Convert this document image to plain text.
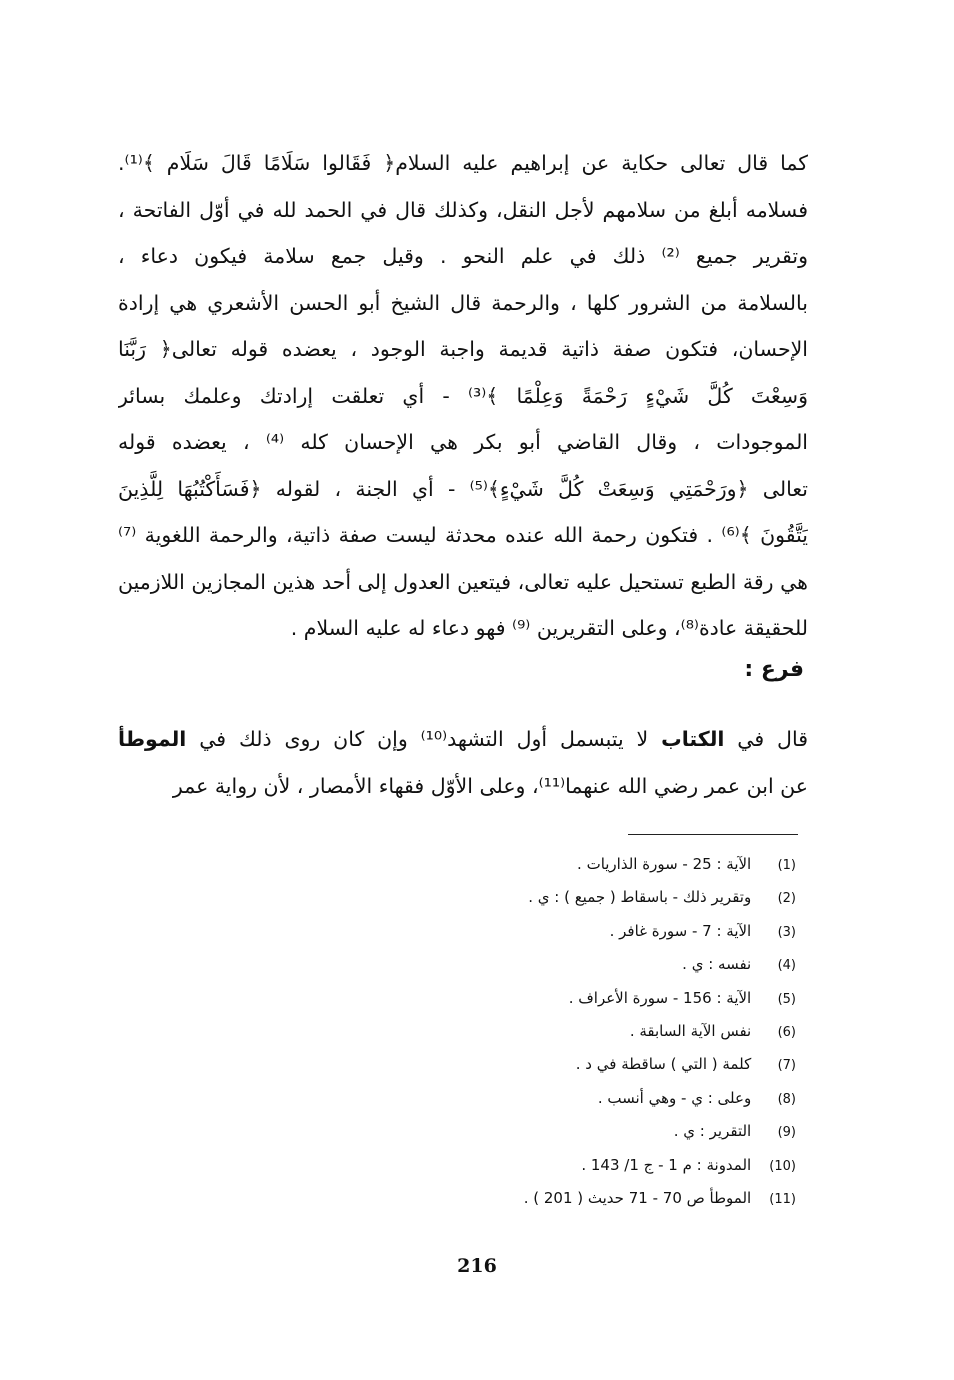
كما قال تعالى حكاية عن إبراهيم عليه السلام﴿ فَقَالوا سَلَامًا قَالَ سَلَام ﴾⁽¹⁾.
فسلامه أبلغ من سلامهم لأجل النقل، وكذلك قال في الحمد لله في أوّل الفاتحة ،
وتقرير جميع ⁽²⁾ ذلك في علم النحو . وقيل جمع سلامة فيكون دعاء ،
بالسلامة من الشرور كلها ، والرحمة قال الشيخ أبو الحسن الأشعري هي إرادة
الإحسان، فتكون صفة ذاتية قديمة واجبة الوجود ، يعضده قوله تعالى﴿ رَبَّنَا
وَسِعْتَ كُلَّ شَيْءٍ رَحْمَةً وَعِلْمًا ﴾⁽³⁾ - أي تعلقت إرادتك وعلمك بسائر
الموجودات ، وقال القاضي أبو بكر هي الإحسان كله ⁽⁴⁾ ، يعضده قوله
تعالى ﴿ورَحْمَتِي وَسِعَتْ كُلَّ شَيْءٍ﴾⁽⁵⁾ - أي الجنة ، لقوله ﴿فَسَأَكْتُبُهَا لِلَّذِينَ
يَتَّقُونَ ﴾⁽⁶⁾ . فتكون رحمة الله عنده محدثة ليست صفة ذاتية، والرحمة اللغوية ⁽⁷⁾
هي رقة الطبع تستحيل عليه تعالى، فيتعين العدول إلى أحد هذين المجازين اللازمين
للحقيقة عادة⁽⁸⁾، وعلى التقريرين ⁽⁹⁾ فهو دعاء له عليه السلام .
فرع :
قال في الكتاب لا يتبسمل أول التشهد⁽¹⁰⁾ وإن كان روى ذلك في الموطأ
عن ابن عمر رضي الله عنهما⁽¹¹⁾، وعلى الأوّل فقهاء الأمصار ، لأن رواية عمر
(1) الآية : 25 - سورة الذاريات .
(2) وتقرير ذلك - باسقاط ( جميع ) : ي .
(3) الآية : 7 - سورة غافر .
(4) نفسه : ي .
(5) الآية : 156 - سورة الأعراف .
(6) نفس الآية السابقة .
(7) كلمة ( التي ) ساقطة في د .
(8) وعلى : ي - وهي أنسب .
(9) التقرير : ي .
(10) المدونة : م 1 - ج 1/ 143 .
(11) الموطأ ص 70 - 71 حديث ( 201 ) .
216
